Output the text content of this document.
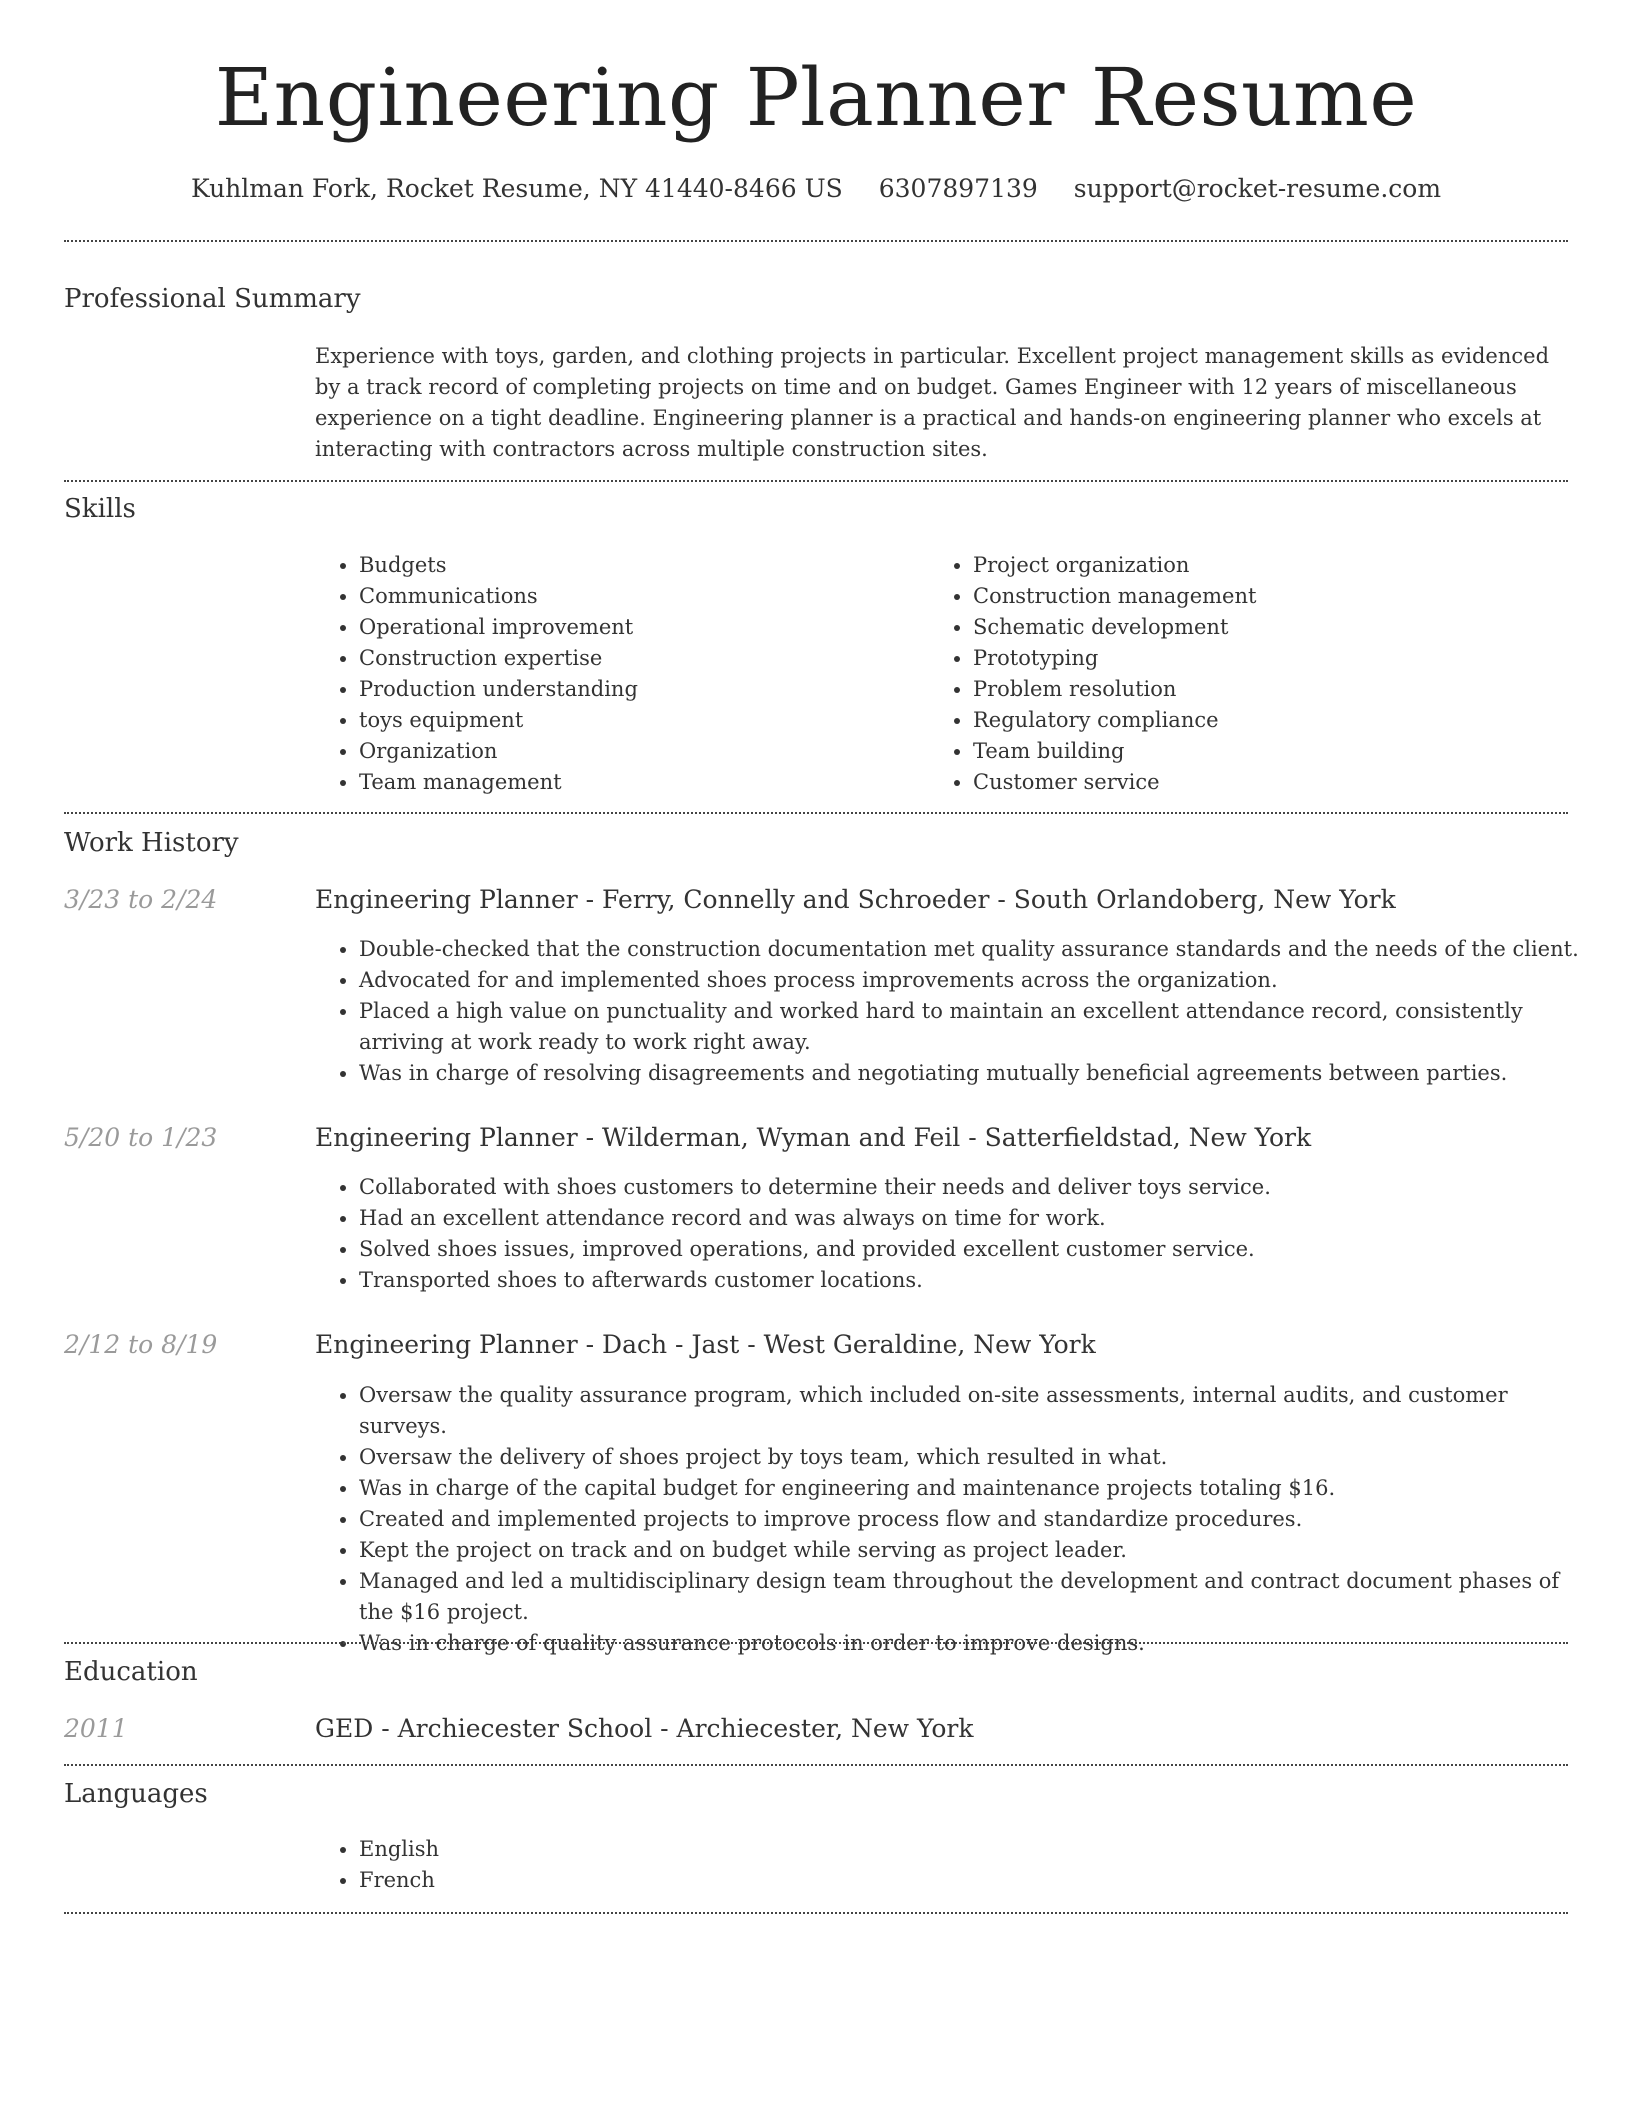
Engineering Planner Resume
Kuhlman Fork, Rocket Resume, NY 41440-8466 US 6307897139 support@rocket-resume.com
Professional Summary

Experience with toys, garden, and clothing projects in particular. Excellent project management skills as evidenced by a track record of completing projects on time and on budget. Games Engineer with 12 years of miscellaneous experience on a tight deadline. Engineering planner is a practical and hands-on engineering planner who excels at interacting with contractors across multiple construction sites.

Skills
• Budgets
• Communications
• Operational improvement
• Construction expertise
• Production understanding
• toys equipment
• Organization
• Team management
• Project organization
• Construction management
• Schematic development
• Prototyping
• Problem resolution
• Regulatory compliance
• Team building
• Customer service
Work History
3/23 to 2/24	Engineering Planner - Ferry, Connelly and Schroeder - South Orlandoberg, New York
• Double-checked that the construction documentation met quality assurance standards and the needs of the client.
• Advocated for and implemented shoes process improvements across the organization.
• Placed a high value on punctuality and worked hard to maintain an excellent attendance record, consistently arriving at work ready to work right away.
• Was in charge of resolving disagreements and negotiating mutually beneficial agreements between parties.
5/20 to 1/23	Engineering Planner - Wilderman, Wyman and Feil - Satterfieldstad, New York
• Collaborated with shoes customers to determine their needs and deliver toys service.
• Had an excellent attendance record and was always on time for work.
• Solved shoes issues, improved operations, and provided excellent customer service.
• Transported shoes to afterwards customer locations.
2/12 to 8/19	Engineering Planner - Dach - Jast - West Geraldine, New York
• Oversaw the quality assurance program, which included on-site assessments, internal audits, and customer surveys.
• Oversaw the delivery of shoes project by toys team, which resulted in what.
• Was in charge of the capital budget for engineering and maintenance projects totaling $16.
• Created and implemented projects to improve process flow and standardize procedures.
• Kept the project on track and on budget while serving as project leader.
• Managed and led a multidisciplinary design team throughout the development and contract document phases of the $16 project.
• Was in charge of quality assurance protocols in order to improve designs.
Education
2011	GED - Archiecester School - Archiecester, New York
Languages
• English
• French
